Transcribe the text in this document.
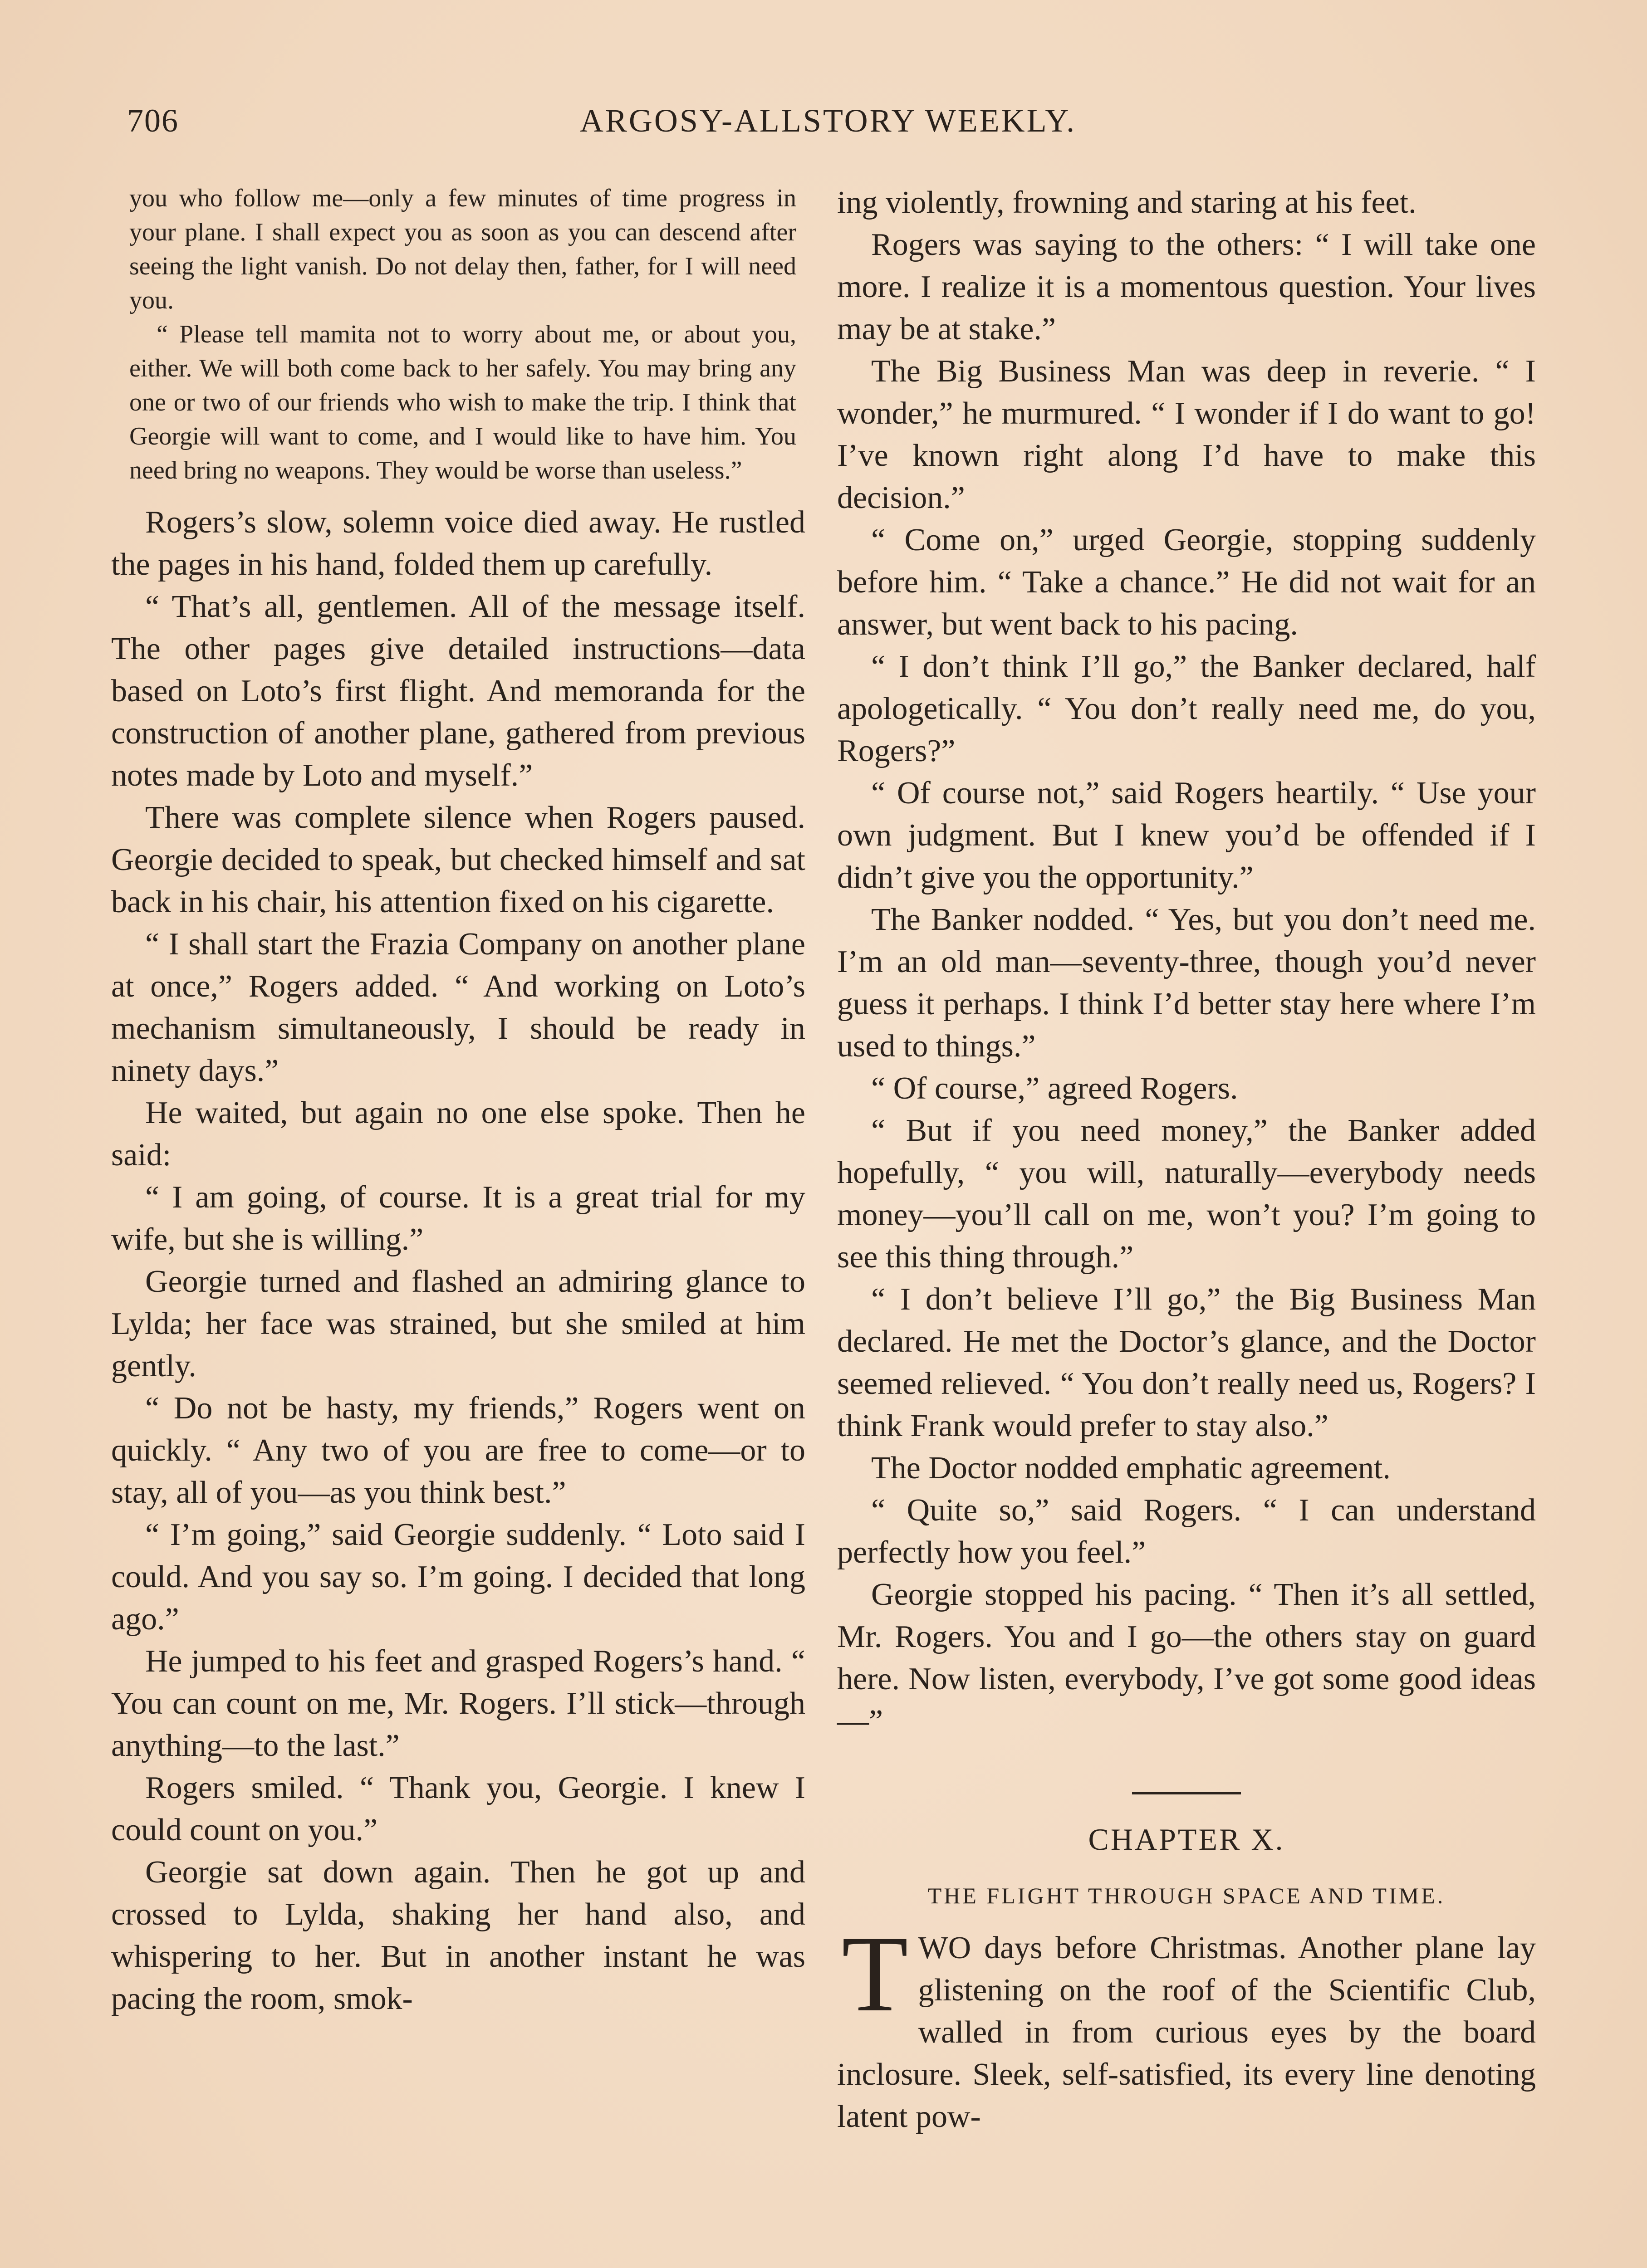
706	ARGOSY-ALLSTORY WEEKLY.

you who follow me—only a few minutes of time progress in your plane. I shall expect you as soon as you can descend after seeing the light vanish. Do not delay then, father, for I will need you.

“ Please tell mamita not to worry about me, or about you, either. We will both come back to her safely. You may bring any one or two of our friends who wish to make the trip. I think that Georgie will want to come, and I would like to have him. You need bring no weapons. They would be worse than useless.”

Rogers’s slow, solemn voice died away. He rustled the pages in his hand, folded them up carefully.

“ That’s all, gentlemen. All of the message itself. The other pages give detailed instructions—data based on Loto’s first flight. And memoranda for the construction of another plane, gathered from previous notes made by Loto and myself.”

There was complete silence when Rogers paused. Georgie decided to speak, but checked himself and sat back in his chair, his attention fixed on his cigarette.

“ I shall start the Frazia Company on another plane at once,” Rogers added. “ And working on Loto’s mechanism simultaneously, I should be ready in ninety days.”

He waited, but again no one else spoke. Then he said:

“ I am going, of course. It is a great trial for my wife, but she is willing.”

Georgie turned and flashed an admiring glance to Lylda; her face was strained, but she smiled at him gently.

“ Do not be hasty, my friends,” Rogers went on quickly. “ Any two of you are free to come—or to stay, all of you—as you think best.”

“ I’m going,” said Georgie suddenly. “ Loto said I could. And you say so. I’m going. I decided that long ago.”

He jumped to his feet and grasped Rogers’s hand. “ You can count on me, Mr. Rogers. I’ll stick—through anything—to the last.”

Rogers smiled. “ Thank you, Georgie. I knew I could count on you.”

Georgie sat down again. Then he got up and crossed to Lylda, shaking her hand also, and whispering to her. But in another instant he was pacing the room, smok-

ing violently, frowning and staring at his feet.

Rogers was saying to the others: “ I will take one more. I realize it is a momentous question. Your lives may be at stake.”

The Big Business Man was deep in reverie. “ I wonder,” he murmured. “ I wonder if I do want to go! I’ve known right along I’d have to make this decision.”

“ Come on,” urged Georgie, stopping suddenly before him. “ Take a chance.” He did not wait for an answer, but went back to his pacing.

“ I don’t think I’ll go,” the Banker declared, half apologetically. “ You don’t really need me, do you, Rogers?”

“ Of course not,” said Rogers heartily. “ Use your own judgment. But I knew you’d be offended if I didn’t give you the opportunity.”

The Banker nodded. “ Yes, but you don’t need me. I’m an old man—seventy-three, though you’d never guess it perhaps. I think I’d better stay here where I’m used to things.”

“ Of course,” agreed Rogers.

“ But if you need money,” the Banker added hopefully, “ you will, naturally—everybody needs money—you’ll call on me, won’t you? I’m going to see this thing through.”

“ I don’t believe I’ll go,” the Big Business Man declared. He met the Doctor’s glance, and the Doctor seemed relieved. “ You don’t really need us, Rogers? I think Frank would prefer to stay also.”

The Doctor nodded emphatic agreement.

“ Quite so,” said Rogers. “ I can understand perfectly how you feel.”

Georgie stopped his pacing. “ Then it’s all settled, Mr. Rogers. You and I go—the others stay on guard here. Now listen, everybody, I’ve got some good ideas—”

CHAPTER X.
THE FLIGHT THROUGH SPACE AND TIME.
TWO days before Christmas. Another plane lay glistening on the roof of the Scientific Club, walled in from curious eyes by the board inclosure. Sleek, self-satisfied, its every line denoting latent pow-
